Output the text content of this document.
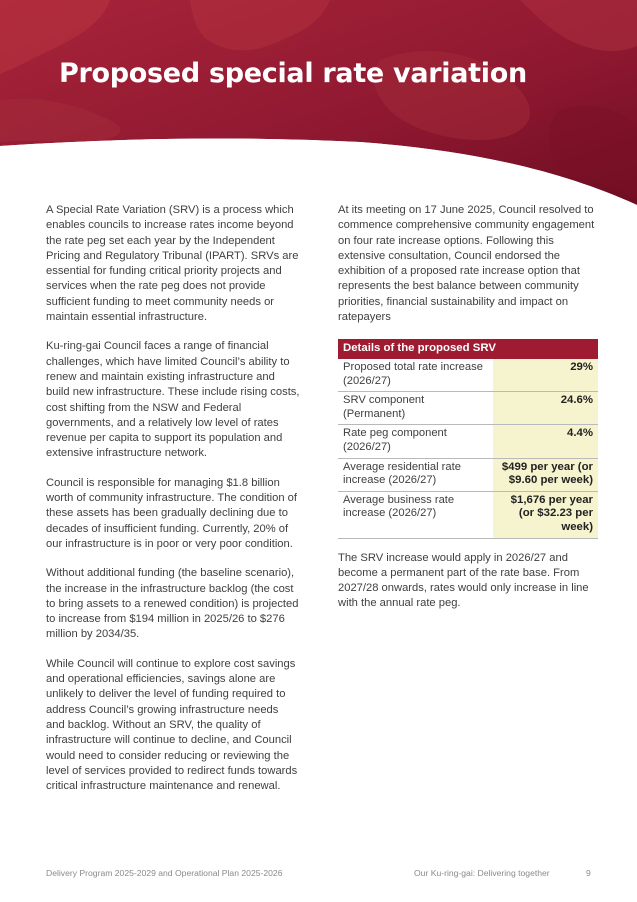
Proposed special rate variation

A Special Rate Variation (SRV) is a process which enables councils to increase rates income beyond the rate peg set each year by the Independent Pricing and Regulatory Tribunal (IPART). SRVs are essential for funding critical priority projects and services when the rate peg does not provide sufficient funding to meet community needs or maintain essential infrastructure.

Ku-ring-gai Council faces a range of financial challenges, which have limited Council’s ability to renew and maintain existing infrastructure and build new infrastructure. These include rising costs, cost shifting from the NSW and Federal governments, and a relatively low level of rates revenue per capita to support its population and extensive infrastructure network.

Council is responsible for managing $1.8 billion worth of community infrastructure. The condition of these assets has been gradually declining due to decades of insufficient funding. Currently, 20% of our infrastructure is in poor or very poor condition.

Without additional funding (the baseline scenario), the increase in the infrastructure backlog (the cost to bring assets to a renewed condition) is projected to increase from $194 million in 2025/26 to $276 million by 2034/35.

While Council will continue to explore cost savings and operational efficiencies, savings alone are unlikely to deliver the level of funding required to address Council’s growing infrastructure needs and backlog. Without an SRV, the quality of infrastructure will continue to decline, and Council would need to consider reducing or reviewing the level of services provided to redirect funds towards critical infrastructure maintenance and renewal.

At its meeting on 17 June 2025, Council resolved to commence comprehensive community engagement on four rate increase options. Following this extensive consultation, Council endorsed the exhibition of a proposed rate increase option that represents the best balance between community priorities, financial sustainability and impact on ratepayers

Details of the proposed SRV	
Proposed total rate increase (2026/27)	29%
SRV component (Permanent)	24.6%
Rate peg component (2026/27)	4.4%
Average residential rate increase (2026/27)	$499 per year (or $9.60 per week)
Average business rate increase (2026/27)	$1,676 per year (or $32.23 per week)

The SRV increase would apply in 2026/27 and become a permanent part of the rate base. From 2027/28 onwards, rates would only increase in line with the annual rate peg.

Delivery Program 2025-2029 and Operational Plan 2025-2026	Our Ku-ring-gai: Delivering together	9
